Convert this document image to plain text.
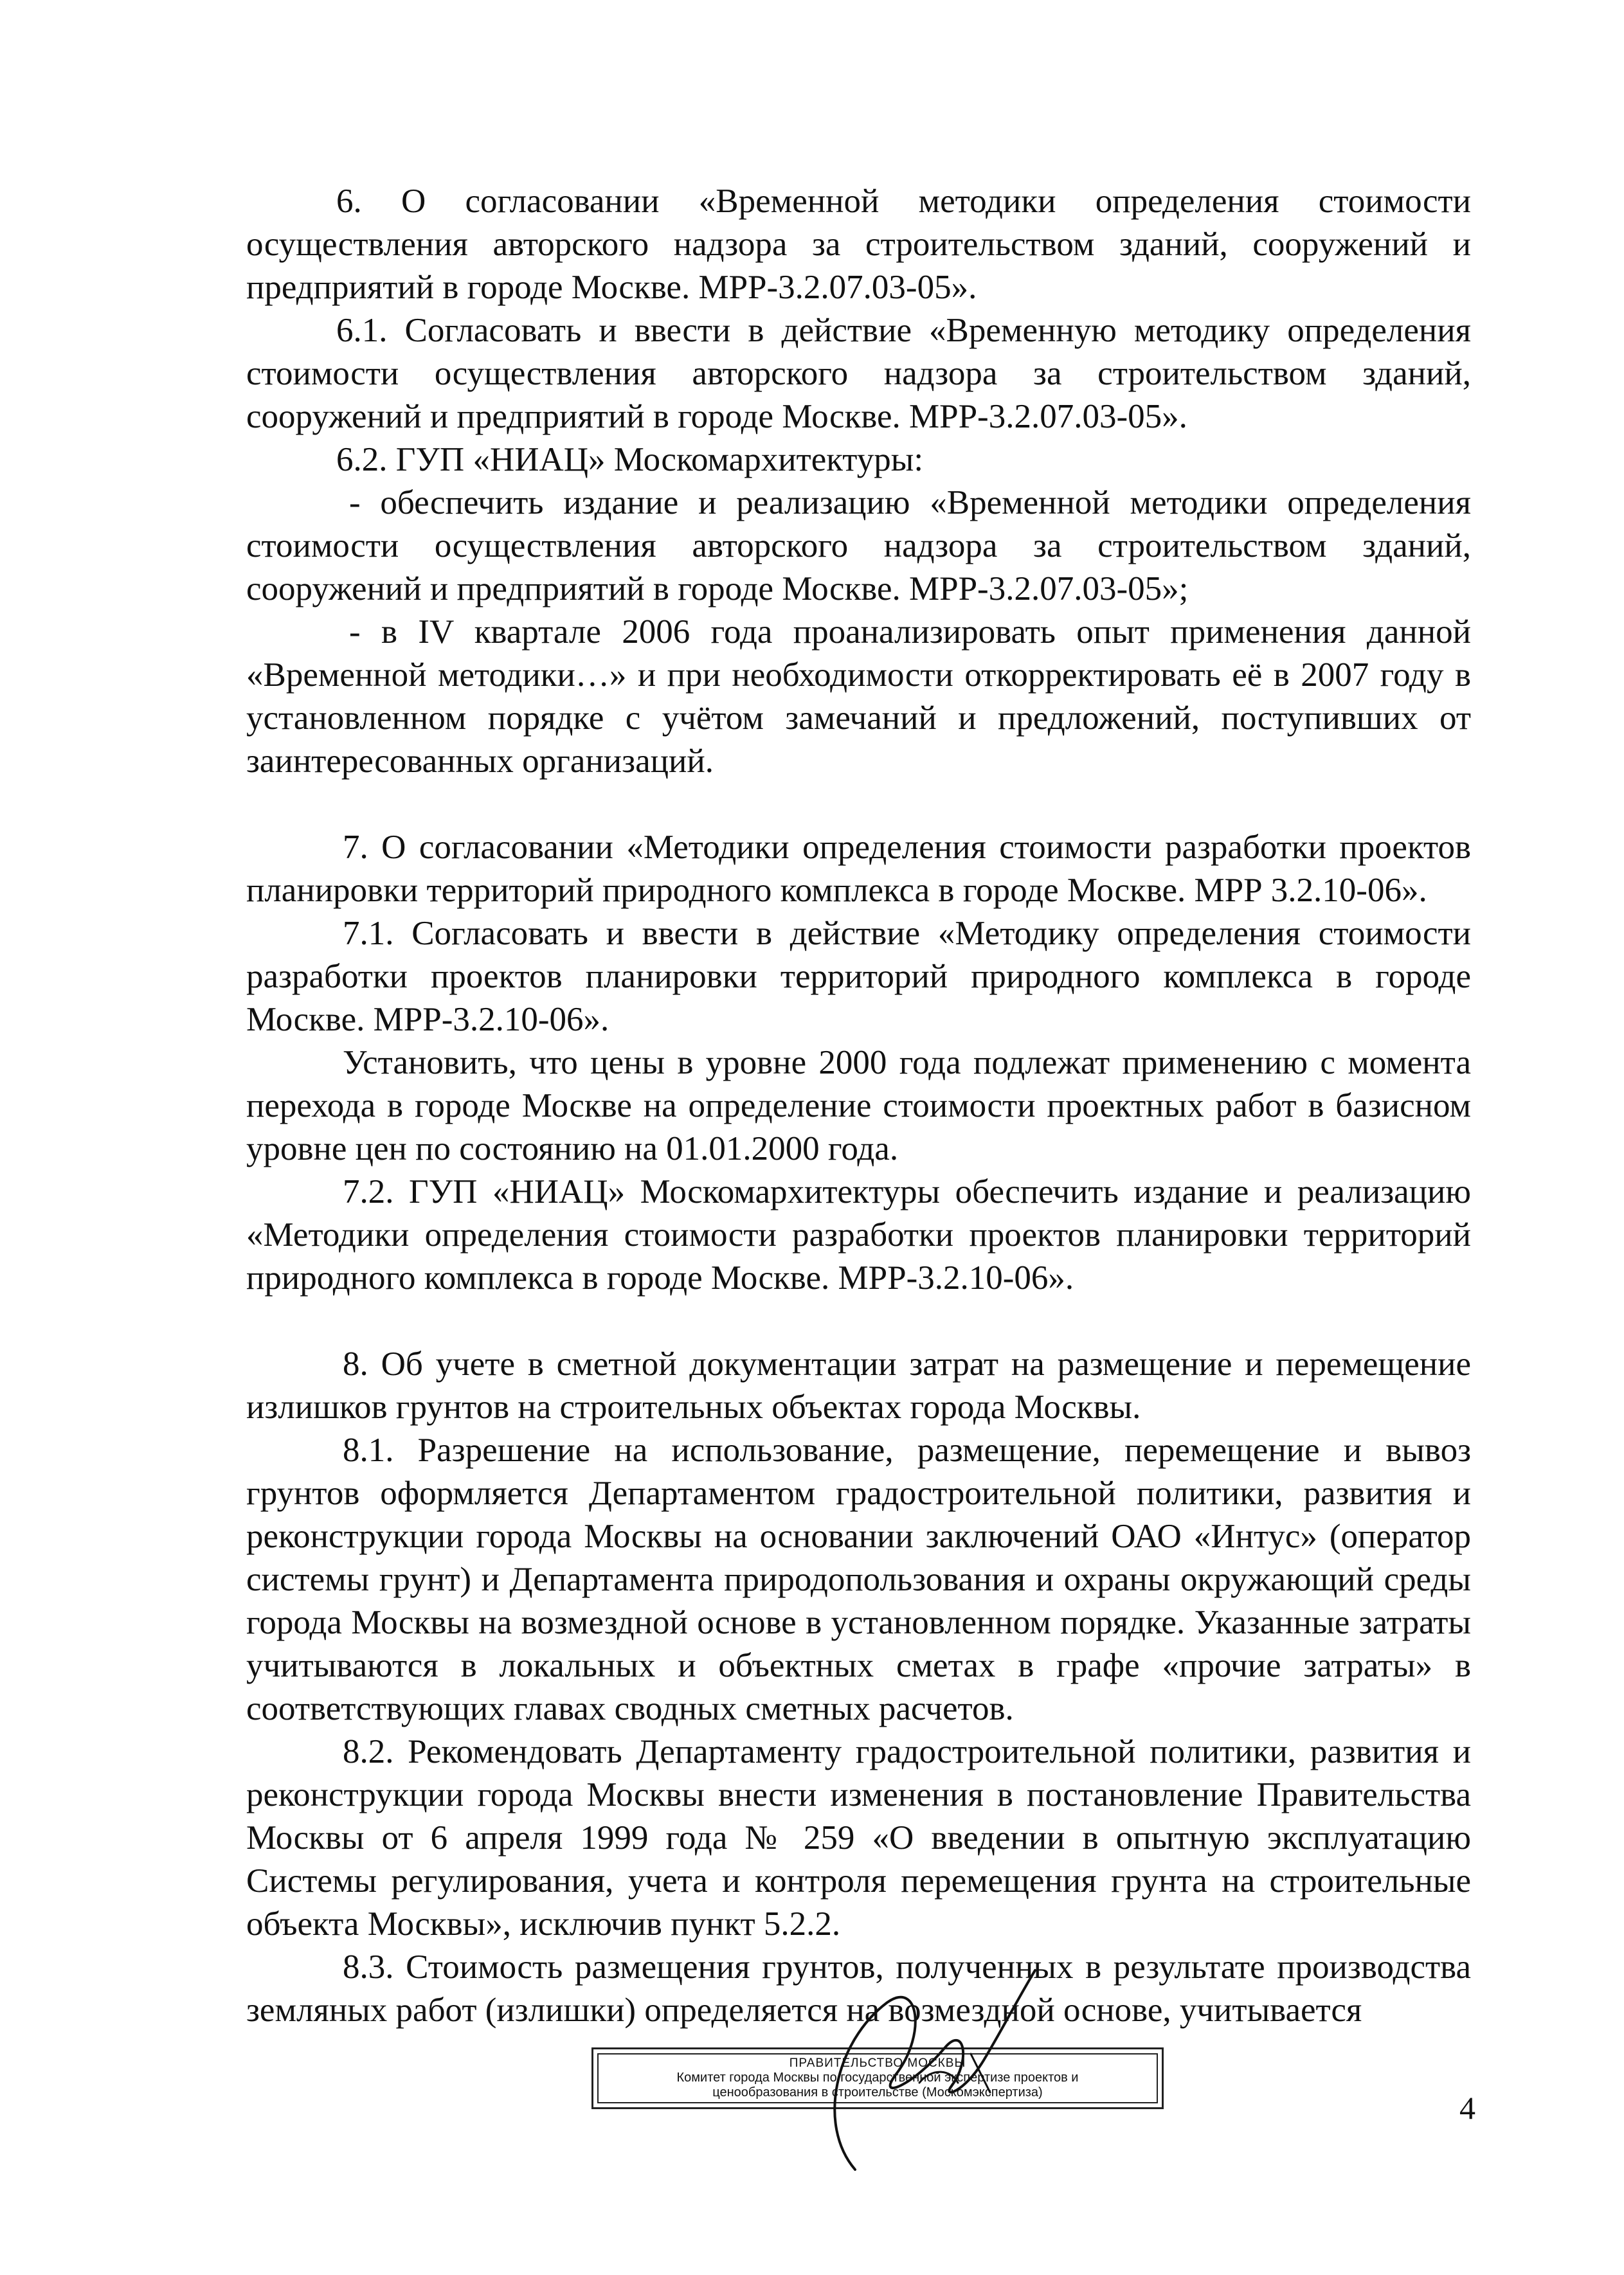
6. О согласовании «Временной методики определения стоимости осуществления авторского надзора за строительством зданий, сооружений и предприятий в городе Москве. МРР-3.2.07.03-05».

6.1. Согласовать и ввести в действие «Временную методику определения стоимости осуществления авторского надзора за строительством зданий, сооружений и предприятий в городе Москве. МРР-3.2.07.03-05».

6.2. ГУП «НИАЦ» Москомархитектуры:

- обеспечить издание и реализацию «Временной методики определения стоимости осуществления авторского надзора за строительством зданий, сооружений и предприятий в городе Москве. МРР-3.2.07.03-05»;

- в IV квартале 2006 года проанализировать опыт применения данной «Временной методики…» и при необходимости откорректировать её в 2007 году в установленном порядке с учётом замечаний и предложений, поступивших от заинтересованных организаций.

7. О согласовании «Методики определения стоимости разработки проектов планировки территорий природного комплекса в городе Москве. МРР 3.2.10-06».

7.1. Согласовать и ввести в действие «Методику определения стоимости разработки проектов планировки территорий природного комплекса в городе Москве. МРР-3.2.10-06».

Установить, что цены в уровне 2000 года подлежат применению с момента перехода в городе Москве на определение стоимости проектных работ в базисном уровне цен по состоянию на 01.01.2000 года.

7.2. ГУП «НИАЦ» Москомархитектуры обеспечить издание и реализацию «Методики определения стоимости разработки проектов планировки территорий природного комплекса в городе Москве. МРР-3.2.10-06».

8. Об учете в сметной документации затрат на размещение и перемещение излишков грунтов на строительных объектах города Москвы.

8.1. Разрешение на использование, размещение, перемещение и вывоз грунтов оформляется Департаментом градостроительной политики, развития и реконструкции города Москвы на основании заключений ОАО «Интус» (оператор системы грунт) и Департамента природопользования и охраны окружающий среды города Москвы на возмездной основе в установленном порядке. Указанные затраты учитываются в локальных и объектных сметах в графе «прочие затраты» в соответствующих главах сводных сметных расчетов.

8.2. Рекомендовать Департаменту градостроительной политики, развития и реконструкции города Москвы внести изменения в постановление Правительства Москвы от 6 апреля 1999 года № 259 «О введении в опытную эксплуатацию Системы регулирования, учета и контроля перемещения грунта на строительные объекта Москвы», исключив пункт 5.2.2.

8.3. Стоимость размещения грунтов, полученных в результате производства земляных работ (излишки) определяется на возмездной основе, учитывается

ПРАВИТЕЛЬСТВО МОСКВЫ
Комитет города Москвы по государственной экспертизе проектов и
ценообразования в строительстве (Москомэкспертиза)	4
